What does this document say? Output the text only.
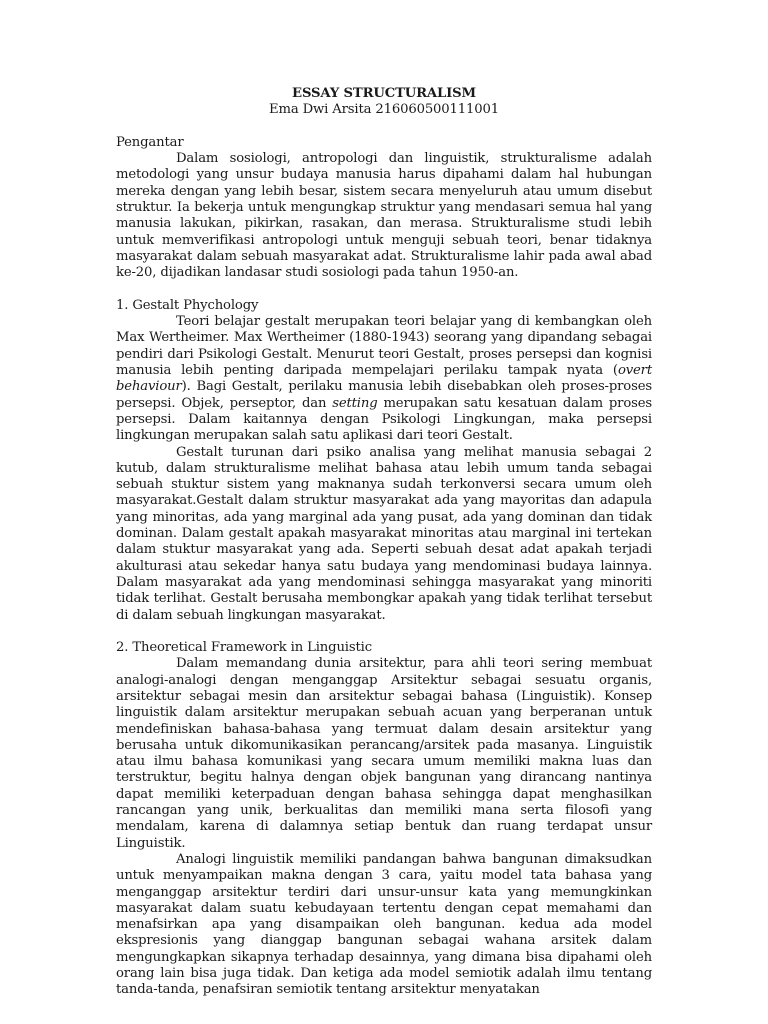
ESSAY STRUCTURALISM

Ema Dwi Arsita 216060500111001

Pengantar

Dalam sosiologi, antropologi dan linguistik, strukturalisme adalah metodologi yang unsur budaya manusia harus dipahami dalam hal hubungan mereka dengan yang lebih besar, sistem secara menyeluruh atau umum disebut struktur. Ia bekerja untuk mengungkap struktur yang mendasari semua hal yang manusia lakukan, pikirkan, rasakan, dan merasa. Strukturalisme studi lebih untuk memverifikasi antropologi untuk menguji sebuah teori, benar tidaknya masyarakat dalam sebuah masyarakat adat. Strukturalisme lahir pada awal abad ke-20, dijadikan landasar studi sosiologi pada tahun 1950-an.

1. Gestalt Phychology

Teori belajar gestalt merupakan teori belajar yang di kembangkan oleh Max Wertheimer. Max Wertheimer (1880-1943) seorang yang dipandang sebagai pendiri dari Psikologi Gestalt. Menurut teori Gestalt, proses persepsi dan kognisi manusia lebih penting daripada mempelajari perilaku tampak nyata (overt behaviour). Bagi Gestalt, perilaku manusia lebih disebabkan oleh proses-proses persepsi. Objek, perseptor, dan setting merupakan satu kesatuan dalam proses persepsi. Dalam kaitannya dengan Psikologi Lingkungan, maka persepsi lingkungan merupakan salah satu aplikasi dari teori Gestalt.

Gestalt turunan dari psiko analisa yang melihat manusia sebagai 2 kutub, dalam strukturalisme melihat bahasa atau lebih umum tanda sebagai sebuah stuktur sistem yang maknanya sudah terkonversi secara umum oleh masyarakat.Gestalt dalam struktur masyarakat ada yang mayoritas dan adapula yang minoritas, ada yang marginal ada yang pusat, ada yang dominan dan tidak dominan. Dalam gestalt apakah masyarakat minoritas atau marginal ini tertekan dalam stuktur masyarakat yang ada. Seperti sebuah desat adat apakah terjadi akulturasi atau sekedar hanya satu budaya yang mendominasi budaya lainnya. Dalam masyarakat ada yang mendominasi sehingga masyarakat yang minoriti tidak terlihat. Gestalt berusaha membongkar apakah yang tidak terlihat tersebut di dalam sebuah lingkungan masyarakat.

2. Theoretical Framework in Linguistic

Dalam memandang dunia arsitektur, para ahli teori sering membuat analogi-analogi dengan menganggap Arsitektur sebagai sesuatu organis, arsitektur sebagai mesin dan arsitektur sebagai bahasa (Linguistik). Konsep linguistik dalam arsitektur merupakan sebuah acuan yang berperanan untuk mendefiniskan bahasa-bahasa yang termuat dalam desain arsitektur yang berusaha untuk dikomunikasikan perancang/arsitek pada masanya. Linguistik atau ilmu bahasa komunikasi yang secara umum memiliki makna luas dan terstruktur, begitu halnya dengan objek bangunan yang dirancang nantinya dapat memiliki keterpaduan dengan bahasa sehingga dapat menghasilkan rancangan yang unik, berkualitas dan memiliki mana serta filosofi yang mendalam, karena di dalamnya setiap bentuk dan ruang terdapat unsur Linguistik.

Analogi linguistik memiliki pandangan bahwa bangunan dimaksudkan untuk menyampaikan makna dengan 3 cara, yaitu model tata bahasa yang menganggap arsitektur terdiri dari unsur-unsur kata yang memungkinkan masyarakat dalam suatu kebudayaan tertentu dengan cepat memahami dan menafsirkan apa yang disampaikan oleh bangunan. kedua ada model ekspresionis yang dianggap bangunan sebagai wahana arsitek dalam mengungkapkan sikapnya terhadap desainnya, yang dimana bisa dipahami oleh orang lain bisa juga tidak. Dan ketiga ada model semiotik adalah ilmu tentang tanda-tanda, penafsiran semiotik tentang arsitektur menyatakan
